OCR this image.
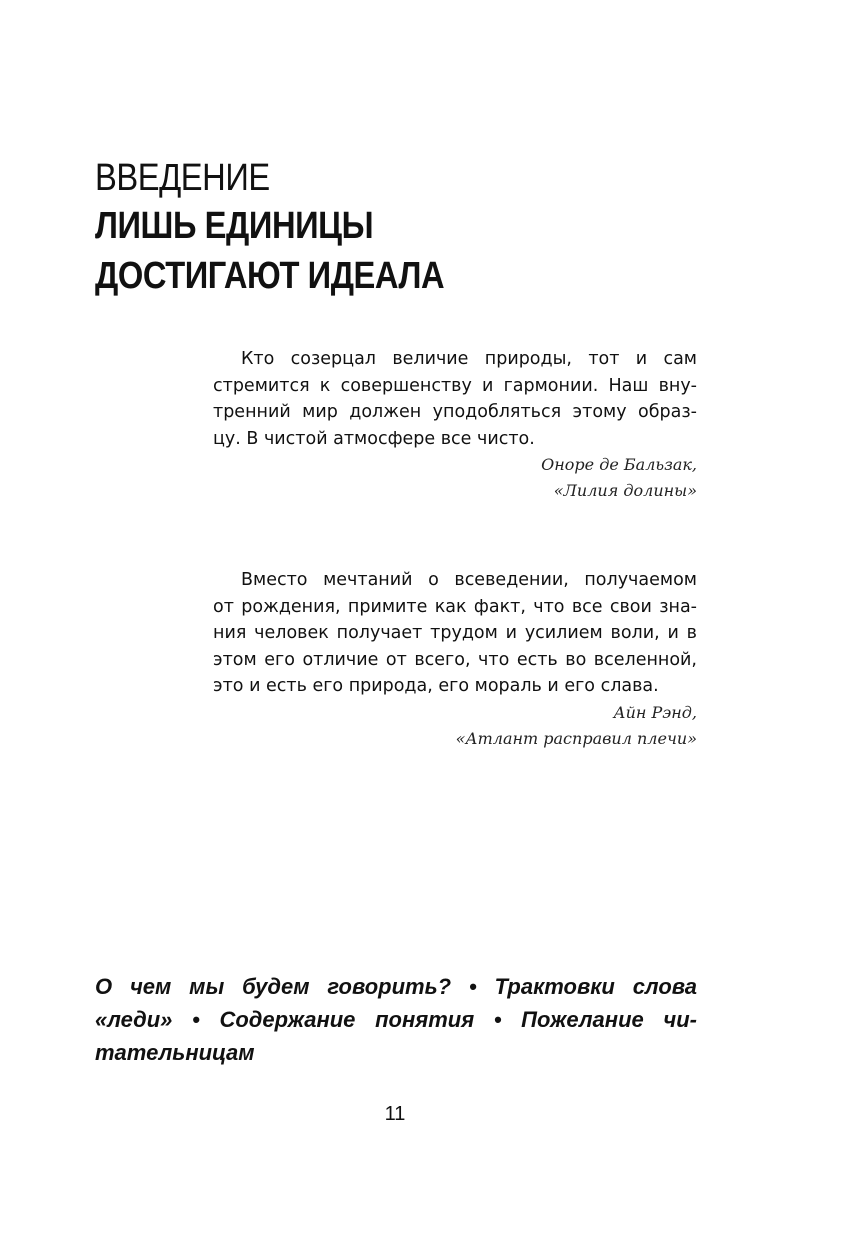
ВВЕДЕНИЕ
ЛИШЬ ЕДИНИЦЫ
ДОСТИГАЮТ ИДЕАЛА
Кто созерцал величие природы, тот и сам
стремится к совершенству и гармонии. Наш вну-
тренний мир должен уподобляться этому образ-
цу. В чистой атмосфере все чисто.
Оноре де Бальзак,
«Лилия долины»
Вместо мечтаний о всеведении, получаемом
от рождения, примите как факт, что все свои зна-
ния человек получает трудом и усилием воли, и в
этом его отличие от всего, что есть во вселенной,
это и есть его природа, его мораль и его слава.
Айн Рэнд,
«Атлант расправил плечи»
О чем мы будем говорить? • Трактовки слова
«леди» • Содержание понятия • Пожелание чи-
тательницам
11
